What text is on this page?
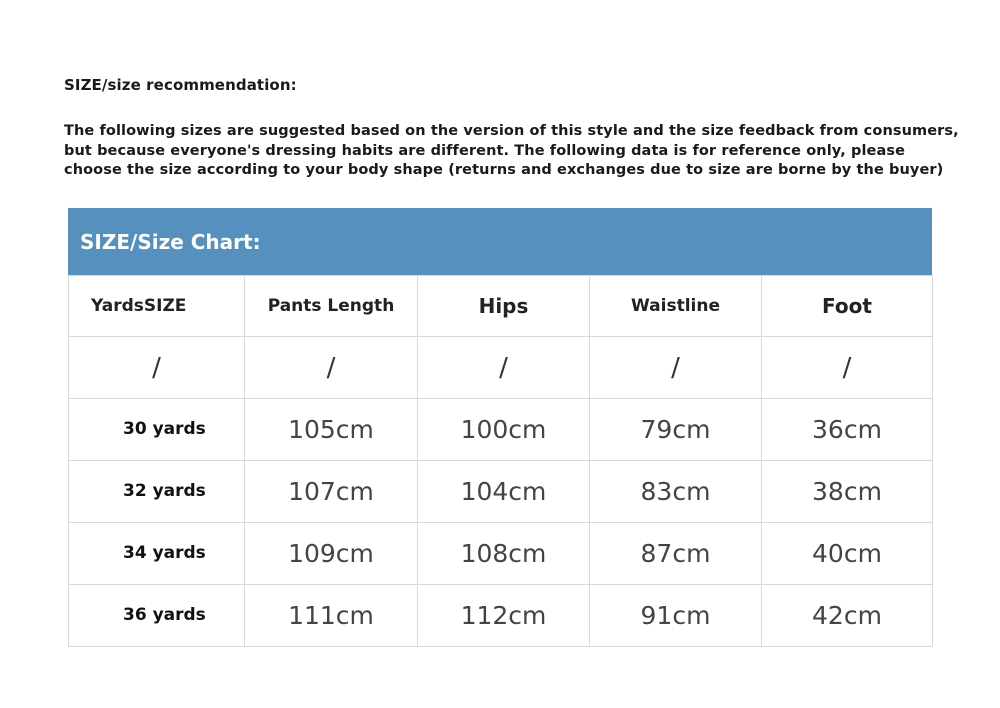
SIZE/size recommendation:
The following sizes are suggested based on the version of this style and the size feedback from consumers,
but because everyone's dressing habits are different. The following data is for reference only, please
choose the size according to your body shape (returns and exchanges due to size are borne by the buyer)
SIZE/Size Chart:
YardsSIZE	Pants Length	Hips	Waistline	Foot
/	/	/	/	/
30 yards	105cm	100cm	79cm	36cm
32 yards	107cm	104cm	83cm	38cm
34 yards	109cm	108cm	87cm	40cm
36 yards	111cm	112cm	91cm	42cm
